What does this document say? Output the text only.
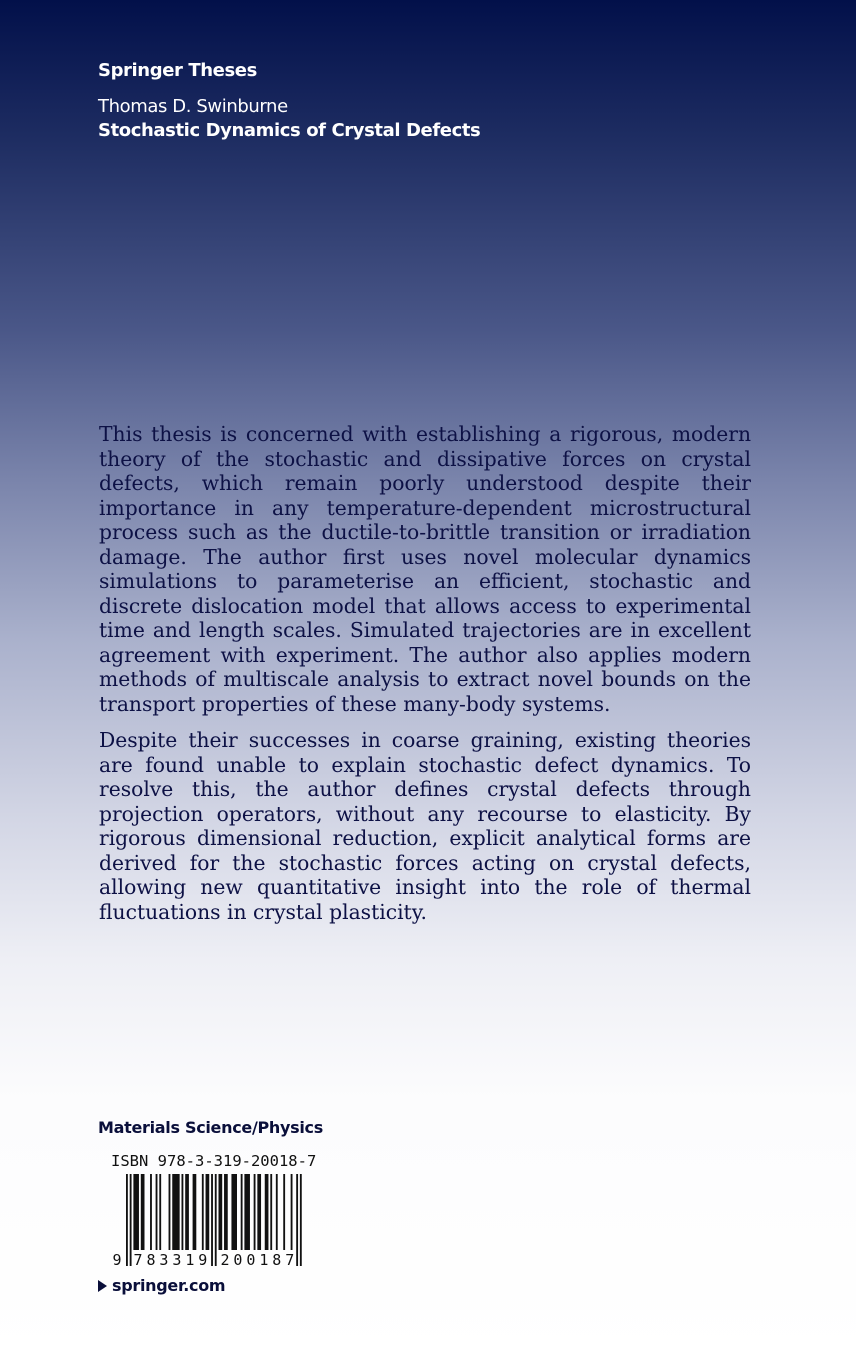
Springer Theses
Thomas D. Swinburne
Stochastic Dynamics of Crystal Defects

This thesis is concerned with establishing a rigorous, modern theory of the stochastic and dissipative forces on crystal defects, which remain poorly understood despite their importance in any temperature-dependent microstructural process such as the ductile-to-brittle transition or irradiation damage. The author first uses novel molecular dynamics simulations to parameterise an efficient, stochastic and discrete dislocation model that allows access to experimental time and length scales. Simulated trajectories are in excellent agreement with experiment. The author also applies modern methods of multiscale analysis to extract novel bounds on the transport properties of these many-body systems.

Despite their successes in coarse graining, existing theories are found unable to explain stochastic defect dynamics. To resolve this, the author defines crystal defects through projection operators, without any recourse to elasticity. By rigorous dimensional reduction, explicit analytical forms are derived for the stochastic forces acting on crystal defects, allowing new quantitative insight into the role of thermal fluctuations in crystal plasticity.

Materials Science/Physics
ISBN 978-3-319-20018-7
9 7 8 3 3 1 9 2 0 0 1 8 7
springer.com
